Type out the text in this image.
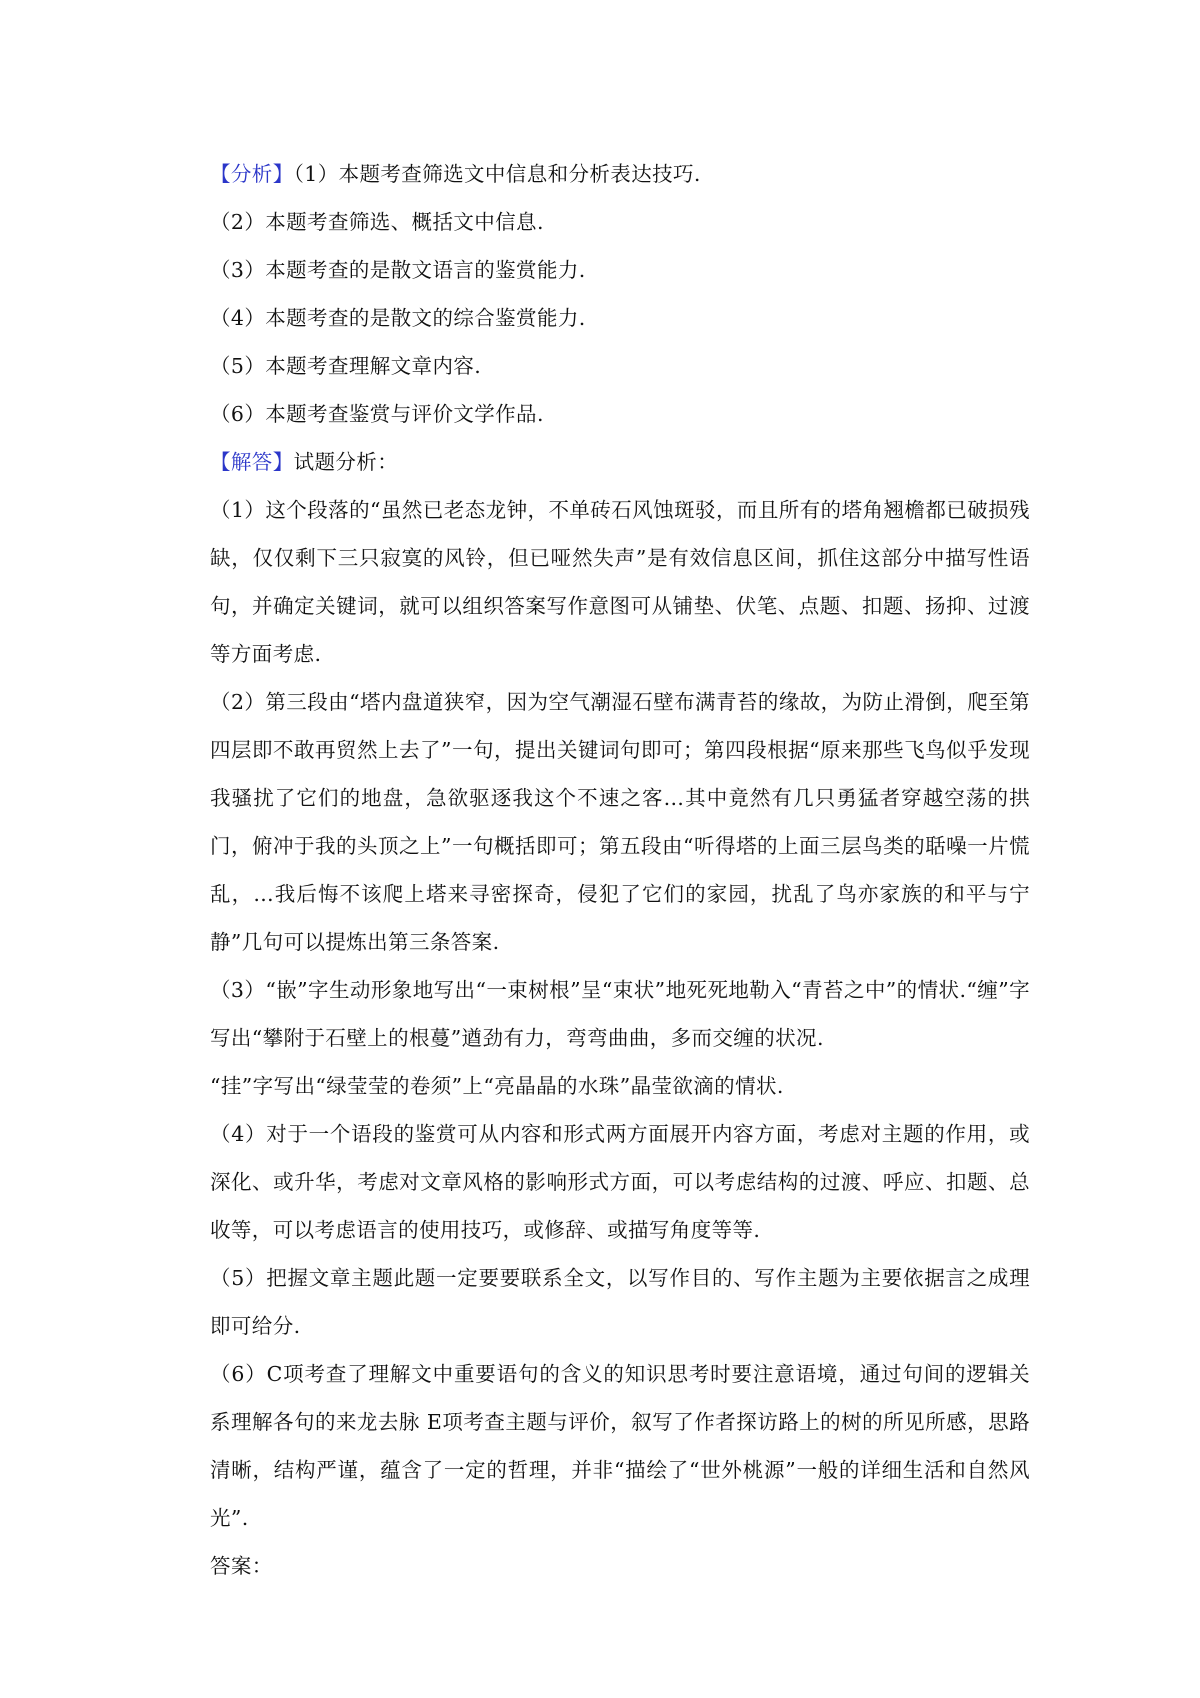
【分析】（1）本题考查筛选文中信息和分析表达技巧.

（2）本题考查筛选、概括文中信息.

（3）本题考查的是散文语言的鉴赏能力.

（4）本题考查的是散文的综合鉴赏能力.

（5）本题考查理解文章内容.

（6）本题考查鉴赏与评价文学作品.

【解答】试题分析：

（1）这个段落的“虽然已老态龙钟，不单砖石风蚀斑驳，而且所有的塔角翘檐都已破损残缺，仅仅剩下三只寂寞的风铃，但已哑然失声”是有效信息区间，抓住这部分中描写性语句，并确定关键词，就可以组织答案写作意图可从铺垫、伏笔、点题、扣题、扬抑、过渡等方面考虑.

（2）第三段由“塔内盘道狭窄，因为空气潮湿石壁布满青苔的缘故，为防止滑倒，爬至第四层即不敢再贸然上去了”一句，提出关键词句即可；第四段根据“原来那些飞鸟似乎发现我骚扰了它们的地盘，急欲驱逐我这个不速之客…其中竟然有几只勇猛者穿越空荡的拱门，俯冲于我的头顶之上”一句概括即可；第五段由“听得塔的上面三层鸟类的聒噪一片慌乱，…我后悔不该爬上塔来寻密探奇，侵犯了它们的家园，扰乱了鸟亦家族的和平与宁静”几句可以提炼出第三条答案.

（3）“嵌”字生动形象地写出“一束树根”呈“束状”地死死地勒入“青苔之中”的情状.“缠”字写出“攀附于石壁上的根蔓”遒劲有力，弯弯曲曲，多而交缠的状况.

“挂”字写出“绿莹莹的卷须”上“亮晶晶的水珠”晶莹欲滴的情状.

（4）对于一个语段的鉴赏可从内容和形式两方面展开内容方面，考虑对主题的作用，或深化、或升华，考虑对文章风格的影响形式方面，可以考虑结构的过渡、呼应、扣题、总收等，可以考虑语言的使用技巧，或修辞、或描写角度等等.

（5）把握文章主题此题一定要要联系全文，以写作目的、写作主题为主要依据言之成理即可给分.

（6）C项考查了理解文中重要语句的含义的知识思考时要注意语境，通过句间的逻辑关系理解各句的来龙去脉 E项考查主题与评价，叙写了作者探访路上的树的所见所感，思路清晰，结构严谨，蕴含了一定的哲理，并非“描绘了“世外桃源”一般的详细生活和自然风光”.

答案：
